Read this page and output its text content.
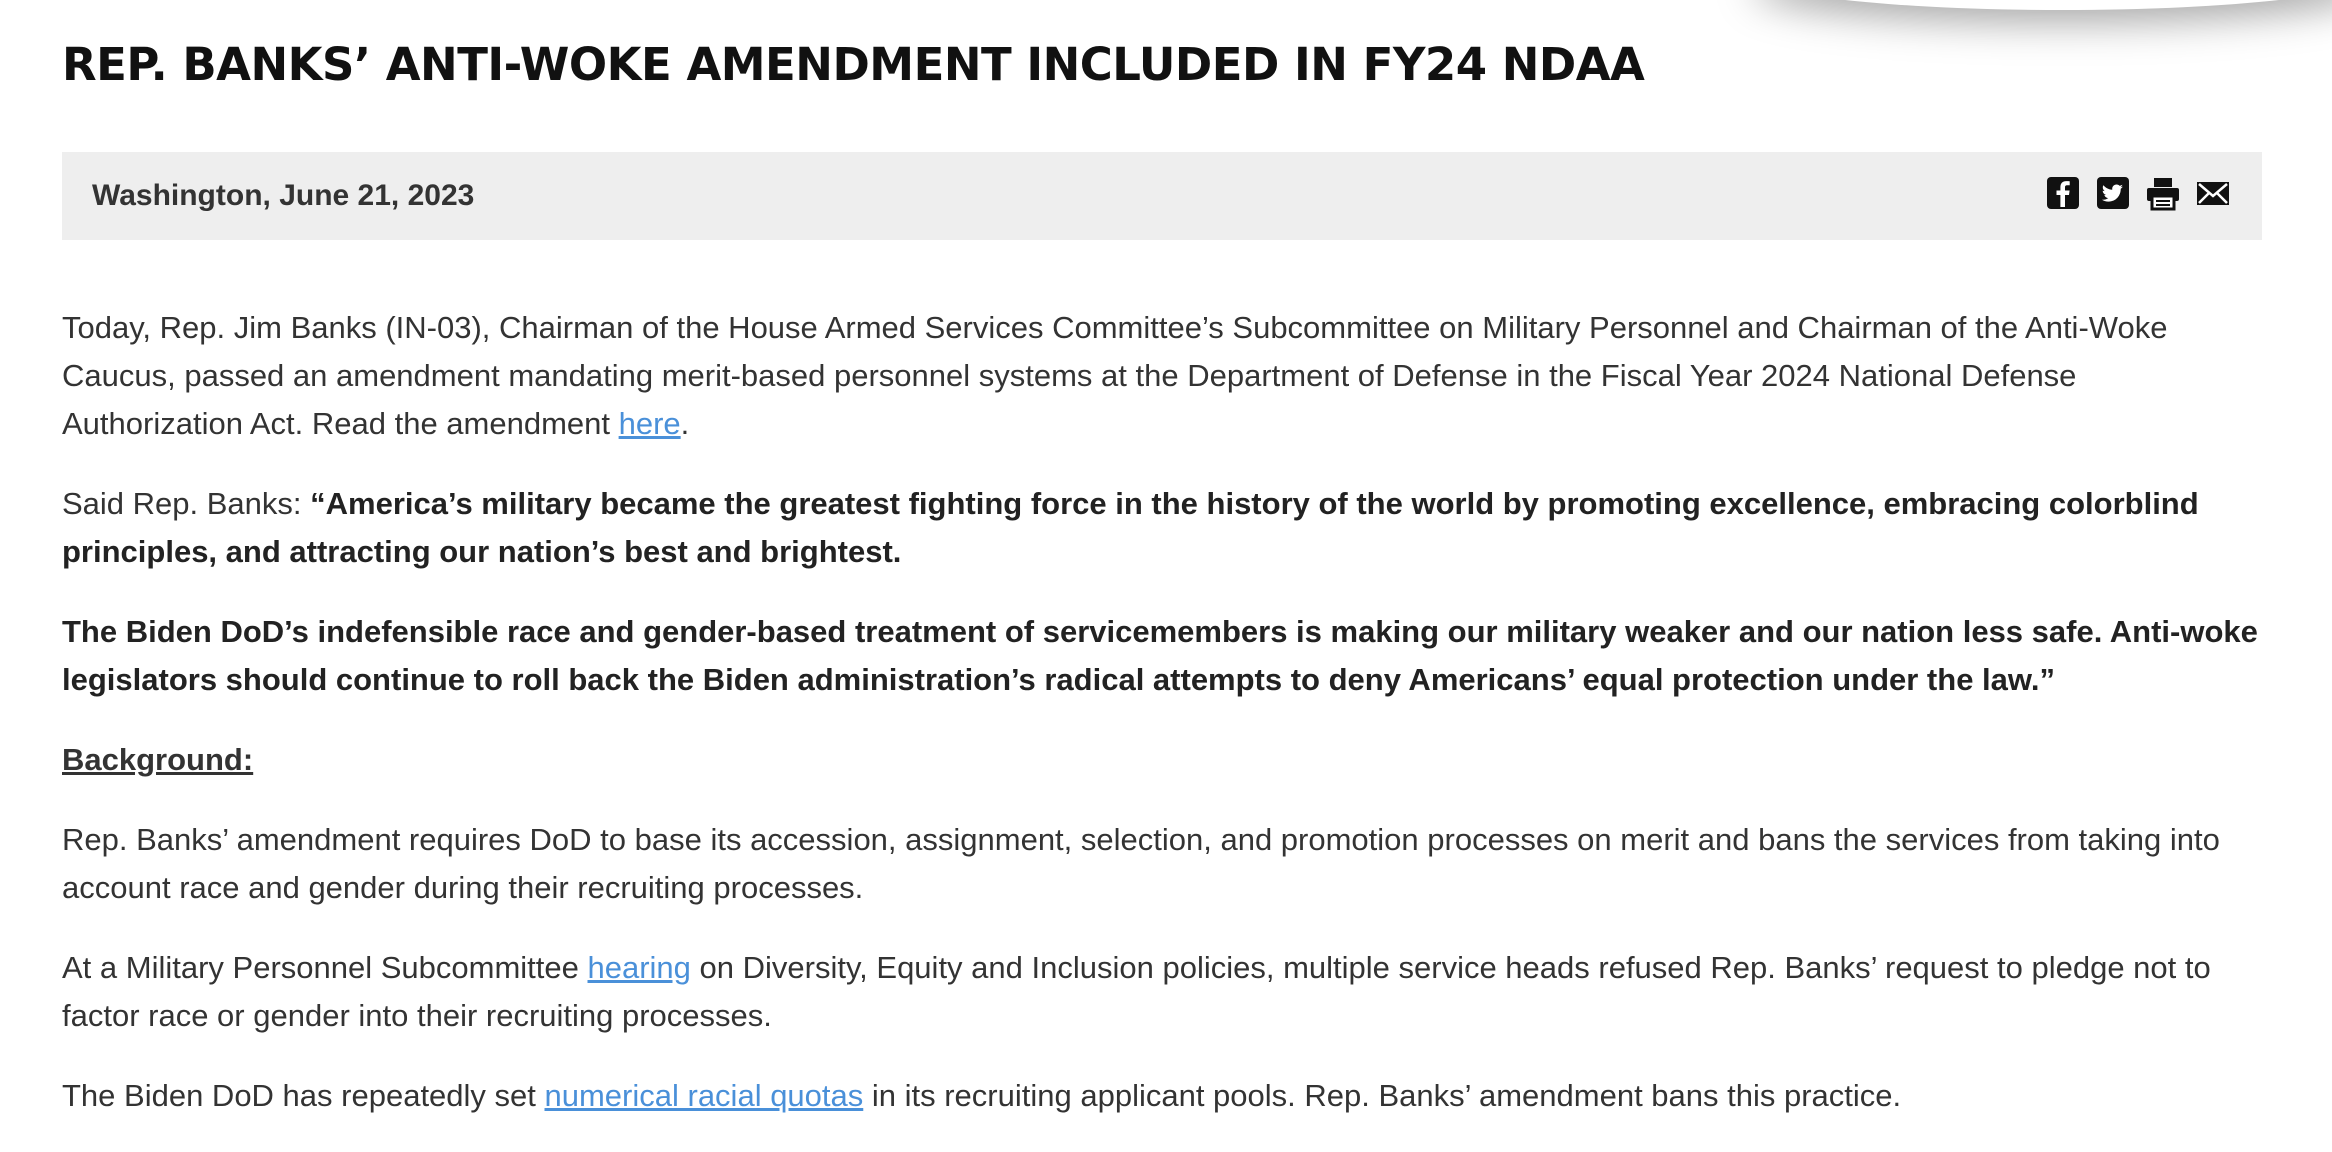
REP. BANKS’ ANTI-WOKE AMENDMENT INCLUDED IN FY24 NDAA
Washington, June 21, 2023

Today, Rep. Jim Banks (IN-03), Chairman of the House Armed Services Committee’s Subcommittee on Military Personnel and Chairman of the Anti-Woke Caucus, passed an amendment mandating merit-based personnel systems at the Department of Defense in the Fiscal Year 2024 National Defense Authorization Act. Read the amendment here.

Said Rep. Banks: “America’s military became the greatest fighting force in the history of the world by promoting excellence, embracing colorblind principles, and attracting our nation’s best and brightest.

The Biden DoD’s indefensible race and gender-based treatment of servicemembers is making our military weaker and our nation less safe. Anti-woke legislators should continue to roll back the Biden administration’s radical attempts to deny Americans’ equal protection under the law.”

Background:

Rep. Banks’ amendment requires DoD to base its accession, assignment, selection, and promotion processes on merit and bans the services from taking into account race and gender during their recruiting processes.

At a Military Personnel Subcommittee hearing on Diversity, Equity and Inclusion policies, multiple service heads refused Rep. Banks’ request to pledge not to factor race or gender into their recruiting processes.

The Biden DoD has repeatedly set numerical racial quotas in its recruiting applicant pools. Rep. Banks’ amendment bans this practice.
